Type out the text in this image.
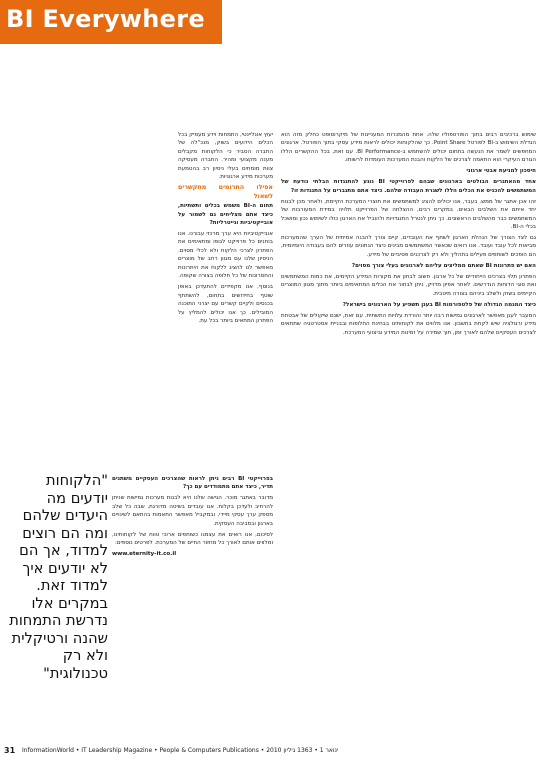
BI Everywhere

שימוש ברכיבים רבים בתוך הפורטפוליו שלה. אחת מהמכרות המעניינות של מיקרוסופט כחלק מזה הוא הגדלת השימוש ב-BI לפורטל Point Share. כך שהלקוחות יכולים לראות מידע עסקי בתוך הפורטל. ארגונים המחפשים לשמר את הנעשה בתחום יכולים להשתמש ב-BI Performance. עם זאת, בכל ההקשרים הללו הגורם העיקרי הוא התאמה לצרכים של הלקוח והבנת המערכות העומדות לרשותו.

חיסכון למניעת אבטי ארגוני

אחד מהאתגרים הבולטים בארגונים שבהם לפרוייקטי BI נוגע להתנגדות הבלתי נודעת של המשתמשים להכניס את הכלים הללו לשגרת העבודה שלהם. כיצד אתם מתגברים על התנגדות זו?

זהו אכן אתגר של ממש. בעבר, אנו יכולים להציג למשתמשים את תוצרי המערכת הקיימת, ולאחר מכן לבנות יחד איתם את השלבים הבאים. במקרים רבים, ההצלחה של הפרוייקט תלויה במידת המעורבות של המשתמשים כבר מהשלבים הראשונים. כך ניתן לנטרל התנגדויות ולהוביל את הארגון כולו לשימוש נכון ומושכל בכלי ה-BI.

גם לצד הצורך של הנהלת הארגון לשתף את העובדים, קיים צורך להבנה אמיתית של הערך שהמערכות מביאות לכל עובד ועובד. אנו רואים שכאשר המשתמשים מבינים כיצד הנתונים עוזרים להם בעבודה היומיומית, הם הופכים לשותפים פעילים בתהליך ולא רק לצרכנים פסיביים של מידע.

האם יש פתרונות BI שאתם ממליצים עליהם לארגונים בעלי צורך מסוים?

הפתרון תלוי בצרכים הייחודיים של כל ארגון. חשוב לבחון את מקורות המידע הקיימים, את כמות המשתמשים ואת סוגי הדוחות הנדרשים. לאחר אפיון מדויק, ניתן לבחור את הכלים המתאימים ביותר מתוך מגוון המוצרים הקיימים בשוק ולשלב ביניהם בצורה מיטבית.

כיצד המגמה הגדולה של פלטפורמות BI בענן תשפיע על הארגונים בישראל?

המעבר לענן מאפשר לארגונים גמישות רבה יותר והורדת עלויות התשתית. עם זאת, ישנם שיקולים של אבטחת מידע ורגולציה שיש לקחת בחשבון. אנו מלווים את לקוחותינו בבחינת החלופות ובבניית אסטרטגיה שתתאים לצרכים העסקיים שלהם לאורך זמן, תוך שמירה על זמינות המידע וביצועי המערכת.

יעוץ אונליינטי, התמחות וידע מעמיק בכל הכלים הידועים בשוק, מנכ"לה של החברה הסביר כי הלקוחות מקבלים מענה מקצועי ומהיר. החברה מעסיקה צוות מומחים בעלי ניסיון רב בהטמעת מערכות מידע ארגוניות.

אפילו התרומים מתקשרים לשאול

תחום ה-BI משמש בכלים ותשתיות, כיצד אתם מצליחים גם לשמור על אובייקטיביות ונייטרליות?

אובייקטיביות היא ערך מרכזי עבורנו. אנו בוחנים כל פרוייקט לגופו ומתאימים את הפתרון לצרכי הלקוח ולא לכלי מסוים. הניסיון שלנו עם מגוון רחב של מוצרים מאפשר לנו להציג ללקוח את היתרונות והחסרונות של כל חלופה בצורה שקופה.

בנוסף, אנו מקפידים להתעדכן באופן שוטף בחידושים בתחום, להשתתף בכנסים ולקיים קשרים עם יצרני התוכנה המובילים. כך אנו יכולים להמליץ על הפתרון המתאים ביותר בכל עת.

בפרוייקטי BI רבים ניתן לראות שהצרכים העסקיים משתנים תדיר, כיצד אתם מתמודדים עם כך?

מדובר באתגר מוכר. הגישה שלנו היא לבנות מערכות גמישות שניתן להרחיב ולעדכן בקלות. אנו עובדים בשיטה מדורגת, שבה כל שלב מספק ערך עסקי מיידי, ובמקביל מאפשר התאמות בהתאם לשינויים בארגון ובסביבה העסקית.

לסיכום, אנו רואים את עצמנו כשותפים ארוכי טווח של לקוחותינו, ומלווים אותם לאורך כל מחזור החיים של המערכת. לפרטים נוספים:

www.eternity-it.co.il

"הלקוחות יודעים מה היעדים שלהם ומה הם רוצים למדוד, אך הם לא יודעים איך למדוד זאת. במקרים אלו נדרשת התמחות שהנה ורטיקלית ולא רק טכנולוגית"
31 InformationWorld • IT Leadership Magazine • People & Computers Publications • 2010 ינואר 1 • 1363 גיליון
